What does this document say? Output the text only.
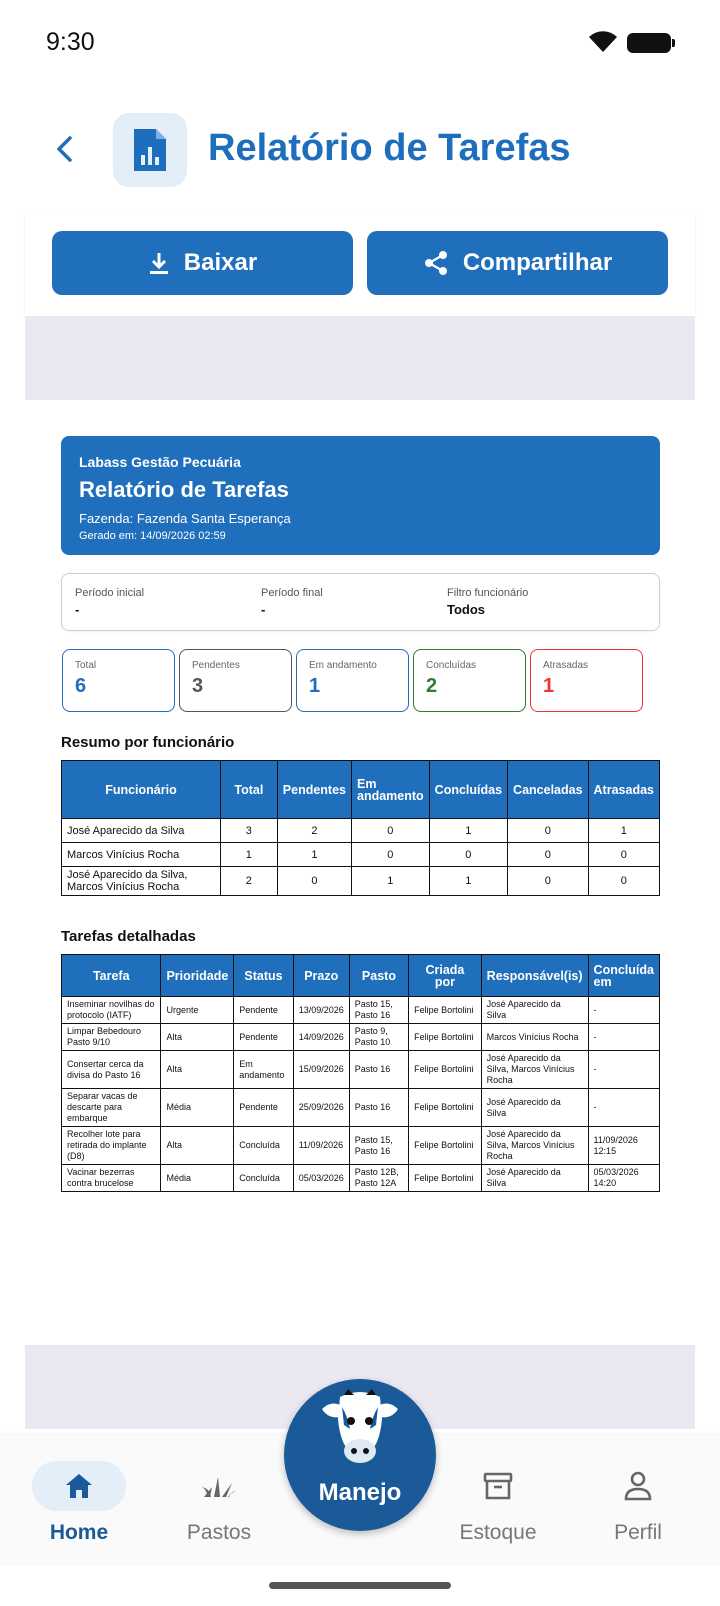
9:30
Relatório de Tarefas
Baixar	Compartilhar
Labass Gestão Pecuária
Relatório de Tarefas
Fazenda: Fazenda Santa Esperança
Gerado em: 14/09/2026 02:59
Período inicial
-
Período final
-
Filtro funcionário
Todos
Total
6
Pendentes
3
Em andamento
1
Concluídas
2
Atrasadas
1
Resumo por funcionário
Funcionário	Total	Pendentes	Em andamento	Concluídas	Canceladas	Atrasadas
José Aparecido da Silva	3	2	0	1	0	1
Marcos Vinícius Rocha	1	1	0	0	0	0
José Aparecido da Silva, Marcos Vinícius Rocha	2	0	1	1	0	0
Tarefas detalhadas
Tarefa	Prioridade	Status	Prazo	Pasto	Criada por	Responsável(is)	Concluída em
Inseminar novilhas do protocolo (IATF)	Urgente	Pendente	13/09/2026	Pasto 15, Pasto 16	Felipe Bortolini	José Aparecido da Silva	-
Limpar Bebedouro Pasto 9/10	Alta	Pendente	14/09/2026	Pasto 9, Pasto 10	Felipe Bortolini	Marcos Vinícius Rocha	-
Consertar cerca da divisa do Pasto 16	Alta	Em andamento	15/09/2026	Pasto 16	Felipe Bortolini	José Aparecido da Silva, Marcos Vinícius Rocha	-
Separar vacas de descarte para embarque	Média	Pendente	25/09/2026	Pasto 16	Felipe Bortolini	José Aparecido da Silva	-
Recolher lote para retirada do implante (D8)	Alta	Concluída	11/09/2026	Pasto 15, Pasto 16	Felipe Bortolini	José Aparecido da Silva, Marcos Vinícius Rocha	11/09/2026 12:15
Vacinar bezerras contra brucelose	Média	Concluída	05/03/2026	Pasto 12B, Pasto 12A	Felipe Bortolini	José Aparecido da Silva	05/03/2026 14:20
Home	Pastos	Estoque	Perfil
Manejo
